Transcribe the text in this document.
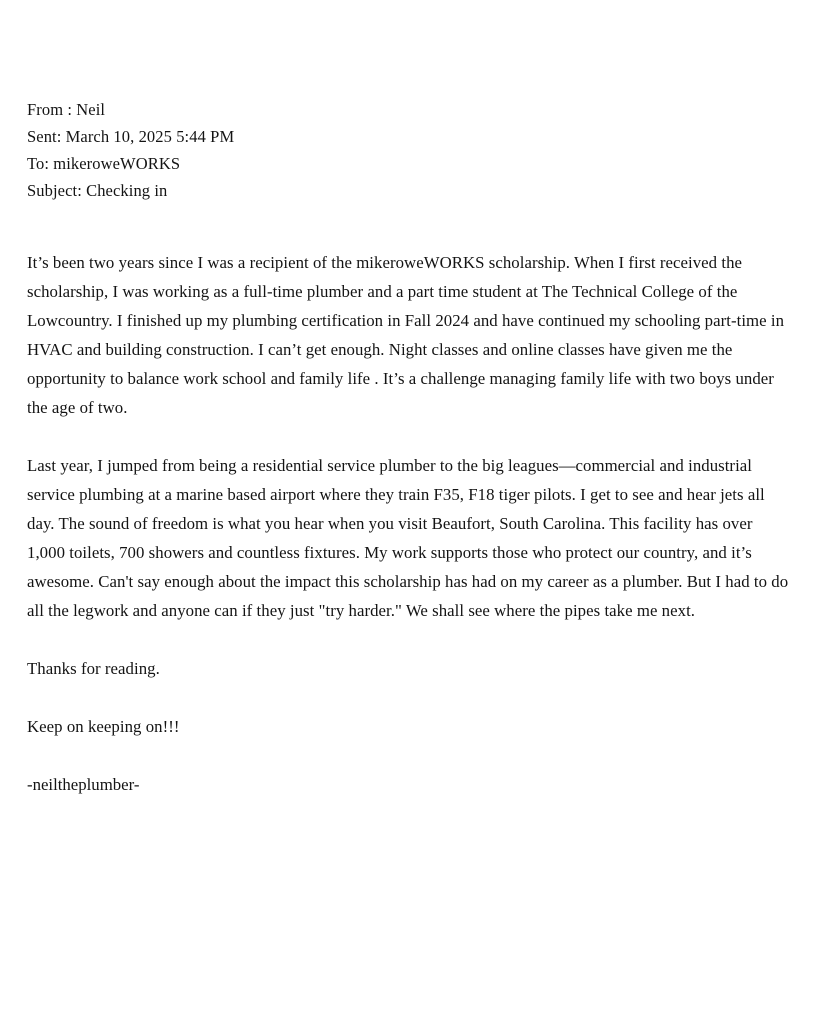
From : Neil
Sent: March 10, 2025 5:44 PM
To: mikeroweWORKS
Subject: Checking in

It’s been two years since I was a recipient of the mikeroweWORKS scholarship. When I first received the scholarship, I was working as a full-time plumber and a part time student at The Technical College of the Lowcountry. I finished up my plumbing certification in Fall 2024 and have continued my schooling part-time in HVAC and building construction. I can’t get enough. Night classes and online classes have given me the opportunity to balance work school and family life . It’s a challenge managing family life with two boys under the age of two.

Last year, I jumped from being a residential service plumber to the big leagues—commercial and industrial service plumbing at a marine based airport where they train F35, F18 tiger pilots. I get to see and hear jets all day. The sound of freedom is what you hear when you visit Beaufort, South Carolina. This facility has over 1,000 toilets, 700 showers and countless fixtures. My work supports those who protect our country, and it’s awesome. Can't say enough about the impact this scholarship has had on my career as a plumber. But I had to do all the legwork and anyone can if they just "try harder." We shall see where the pipes take me next.

Thanks for reading.

Keep on keeping on!!!

-neiltheplumber-
